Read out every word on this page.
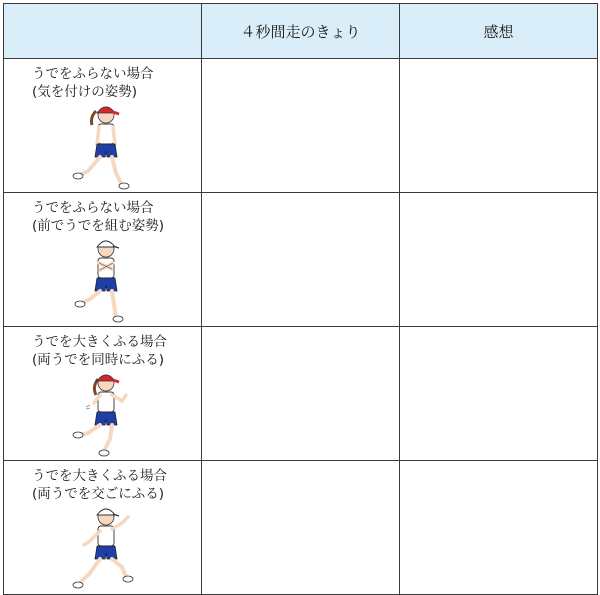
	４秒間走のきょり	感想

うでをふらない場合
(気を付けの姿勢)		

うでをふらない場合
(前でうでを組む姿勢)		

うでを大きくふる場合
(両うでを同時にふる)		

うでを大きくふる場合
(両うでを交ごにふる)		
